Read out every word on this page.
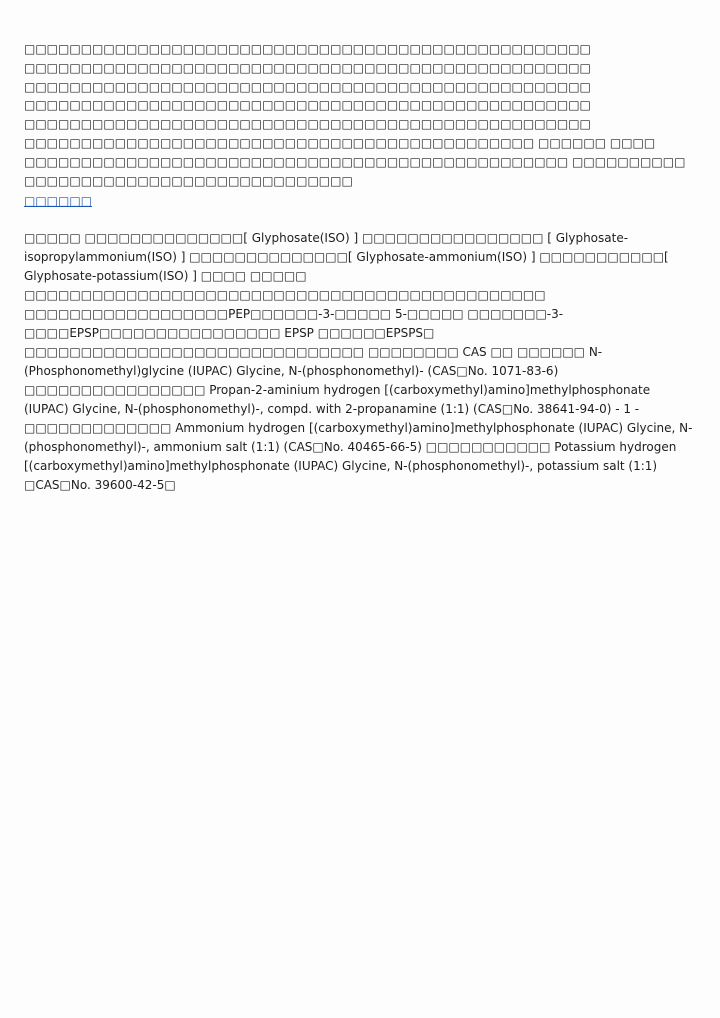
□□□□□□□□□□□□□□□□□□□□□□□□□□□□□□□□□□□□□□□□□□□□□□□□□□
□□□□□□□□□□□□□□□□□□□□□□□□□□□□□□□□□□□□□□□□□□□□□□□□□□
□□□□□□□□□□□□□□□□□□□□□□□□□□□□□□□□□□□□□□□□□□□□□□□□□□
□□□□□□□□□□□□□□□□□□□□□□□□□□□□□□□□□□□□□□□□□□□□□□□□□□
□□□□□□□□□□□□□□□□□□□□□□□□□□□□□□□□□□□□□□□□□□□□□□□□□□
□□□□□□□□□□□□□□□□□□□□□□□□□□□□□□□□□□□□□□□□□□□□□ □□□□□□ □□□□
□□□□□□□□□□□□□□□□□□□□□□□□□□□□□□□□□□□□□□□□□□□□□□□□ □□□□□□□□□□□□□□□□□□□□□□□□□□□□□□□□□□□□□□□

□□□□□□

□□□□□ □□□□□□□□□□□□□□[ Glyphosate(ISO) ] □□□□□□□□□□□□□□□□ [ Glyphosate-isopropylammonium(ISO) ] □□□□□□□□□□□□□□[ Glyphosate-ammonium(ISO) ] □□□□□□□□□□□[ Glyphosate-potassium(ISO) ] □□□□ □□□□□ □□□□□□□□□□□□□□□□□□□□□□□□□□□□□□□□□□□□□□□□□□□□□□ □□□□□□□□□□□□□□□□□□PEP□□□□□□-3-□□□□□ 5-□□□□□ □□□□□□□-3-□□□□EPSP□□□□□□□□□□□□□□□□ EPSP □□□□□□EPSPS□ □□□□□□□□□□□□□□□□□□□□□□□□□□□□□□ □□□□□□□□ CAS □□ □□□□□□ N-(Phosphonomethyl)glycine (IUPAC) Glycine, N-(phosphonomethyl)- (CAS□No. 1071-83-6) □□□□□□□□□□□□□□□□ Propan-2-aminium hydrogen [(carboxymethyl)amino]methylphosphonate (IUPAC) Glycine, N-(phosphonomethyl)-, compd. with 2-propanamine (1:1) (CAS□No. 38641-94-0) - 1 - □□□□□□□□□□□□□ Ammonium hydrogen [(carboxymethyl)amino]methylphosphonate (IUPAC) Glycine, N-(phosphonomethyl)-, ammonium salt (1:1) (CAS□No. 40465-66-5) □□□□□□□□□□□ Potassium hydrogen [(carboxymethyl)amino]methylphosphonate (IUPAC) Glycine, N-(phosphonomethyl)-, potassium salt (1:1) □CAS□No. 39600-42-5□
